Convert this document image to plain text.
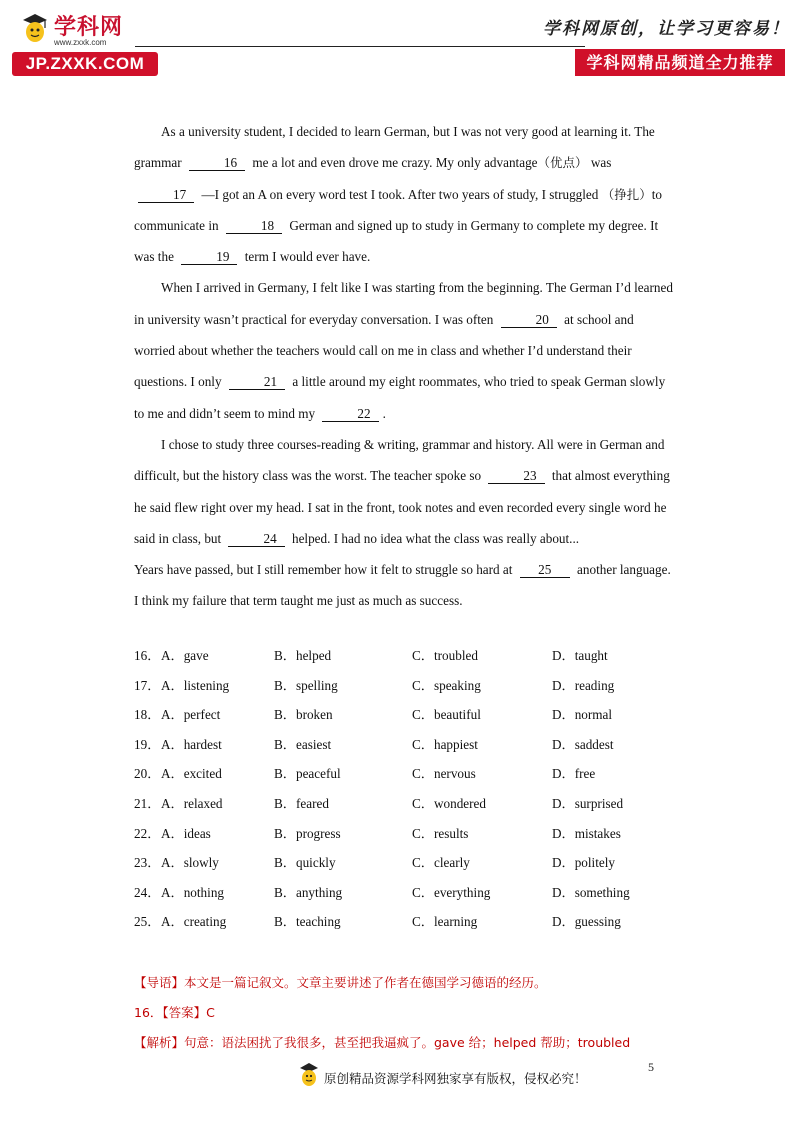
学科网
www.zxxk.com
JP.ZXXK.COM
学科网原创，让学习更容易！
学科网精品频道全力推荐

As a university student, I decided to learn German, but I was not very good at learning it. The grammar	16 me a lot and even drove me crazy. My only advantage（优点） was 17 —I got an A on every word test I took. After two years of study, I struggled （挣扎）to communicate in	18 German and signed up to study in Germany to complete my degree. It was the	19 term I would ever have.

When I arrived in Germany, I felt like I was starting from the beginning. The German I’d learned in university wasn’t practical for everyday conversation. I was often	20 at school and worried about whether the teachers would call on me in class and whether I’d understand their questions. I only	21 a little around my eight roommates, who tried to speak German slowly to me and didn’t seem to mind my	22 .

I chose to study three courses-reading & writing, grammar and history. All were in German and difficult, but the history class was the worst. The teacher spoke so	23 that almost everything he said flew right over my head. I sat in the front, took notes and even recorded every single word he said in class, but	24 helped. I had no idea what the class was really about...

Years have passed, but I still remember how it felt to struggle so hard at 25 another language. I think my failure that term taught me just as much as success.

16． A．gave	B．helped	C．troubled	D．taught
17． A．listening	B．spelling	C．speaking	D．reading
18． A．perfect	B．broken	C．beautiful	D．normal
19． A．hardest	B．easiest	C．happiest	D．saddest
20． A．excited	B．peaceful	C．nervous	D．free
21． A．relaxed	B．feared	C．wondered	D．surprised
22． A．ideas	B．progress	C．results	D．mistakes
23． A．slowly	B．quickly	C．clearly	D．politely
24． A．nothing	B．anything	C．everything	D．something
25． A．creating	B．teaching	C．learning	D．guessing
【导语】本文是一篇记叙文。文章主要讲述了作者在德国学习德语的经历。
16．【答案】C
【解析】句意：语法困扰了我很多，甚至把我逼疯了。gave 给；helped 帮助；troubled
5
原创精品资源学科网独家享有版权，侵权必究！
